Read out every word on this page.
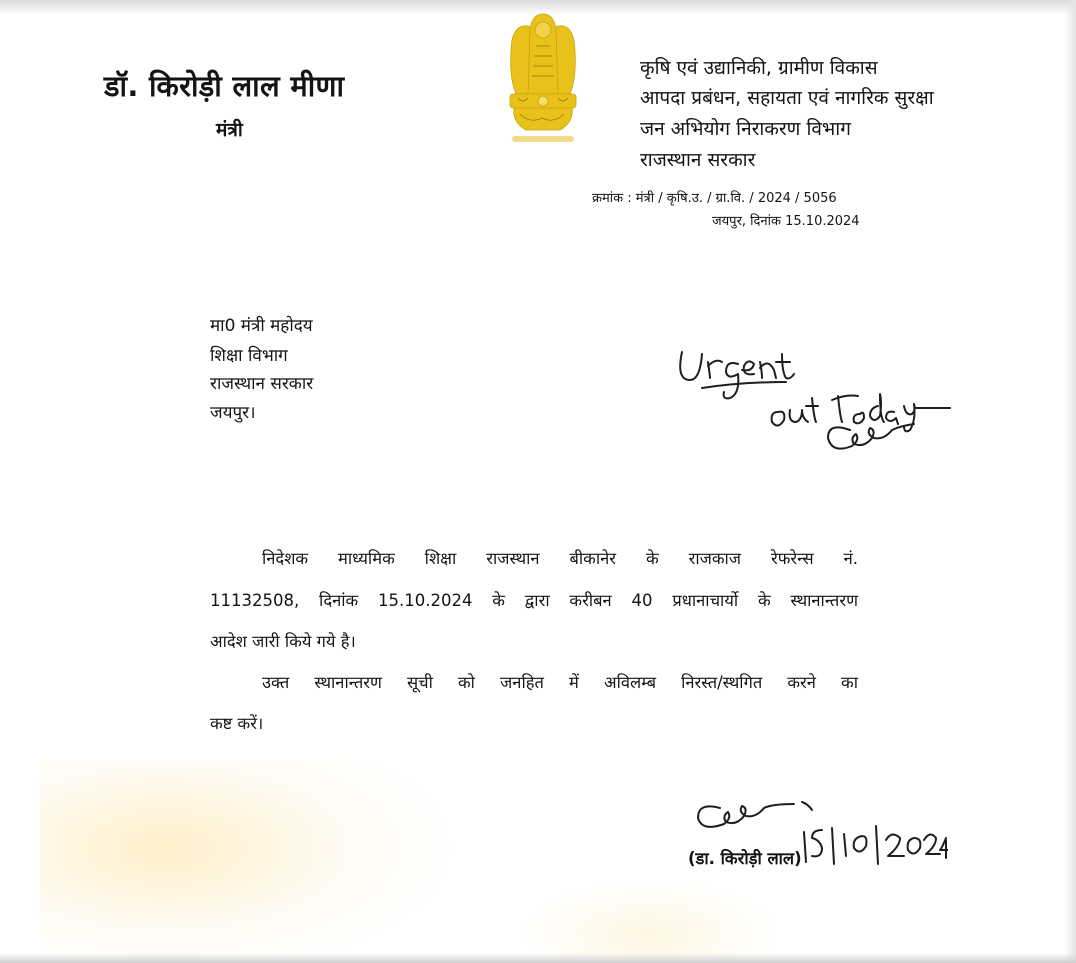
डॉ. किरोड़ी लाल मीणा
मंत्री
कृषि एवं उद्यानिकी, ग्रामीण विकास
आपदा प्रबंधन, सहायता एवं नागरिक सुरक्षा
जन अभियोग निराकरण विभाग
राजस्थान सरकार
क्रमांक : मंत्री / कृषि.उ. / ग्रा.वि. / 2024 / 5056
जयपुर, दिनांक 15.10.2024
मा0 मंत्री महोदय
शिक्षा विभाग
राजस्थान सरकार
जयपुर।
निदेशक माध्यमिक शिक्षा राजस्थान बीकानेर के राजकाज रेफरेन्स नं.
11132508, दिनांक 15.10.2024 के द्वारा करीबन 40 प्रधानाचार्यो के स्थानान्तरण
आदेश जारी किये गये है।
उक्त स्थानान्तरण सूची को जनहित में अविलम्ब निरस्त/स्थगित करने का
कष्ट करें।
(डा. किरोड़ी लाल)
